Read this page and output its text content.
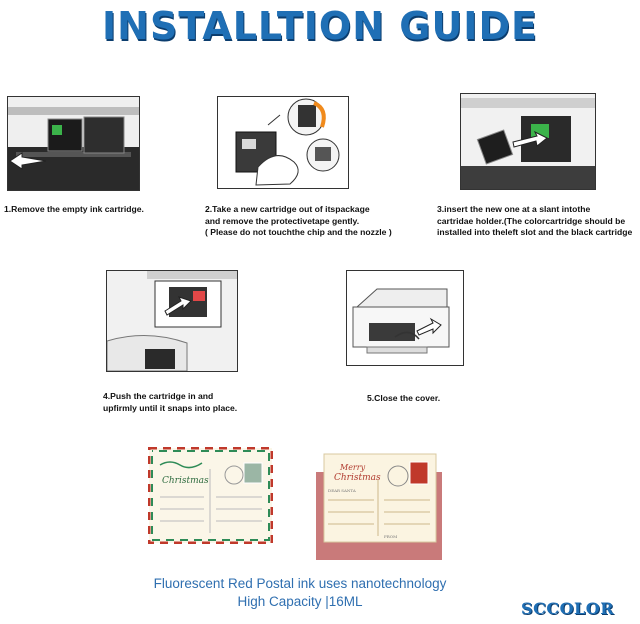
INSTALLTION GUIDE
1.Remove the empty ink cartridge.	2.Take a new cartridge out of itspackage
and remove the protectivetape gently.
( Please do not touchthe chip and the nozzle )
3.insert the new one at a slant intothe
cartridae holder.(The colorcartridge should be
installed into theleft slot and the black cartridge
4.Push the cartridge in and
upfirmly until it snaps into place.
5.Close the cover.
Christmas
Merry
Christmas
DEAR SANTA
FROM
Fluorescent Red Postal ink uses nanotechnology
High Capacity |16ML	SCCOLOR
